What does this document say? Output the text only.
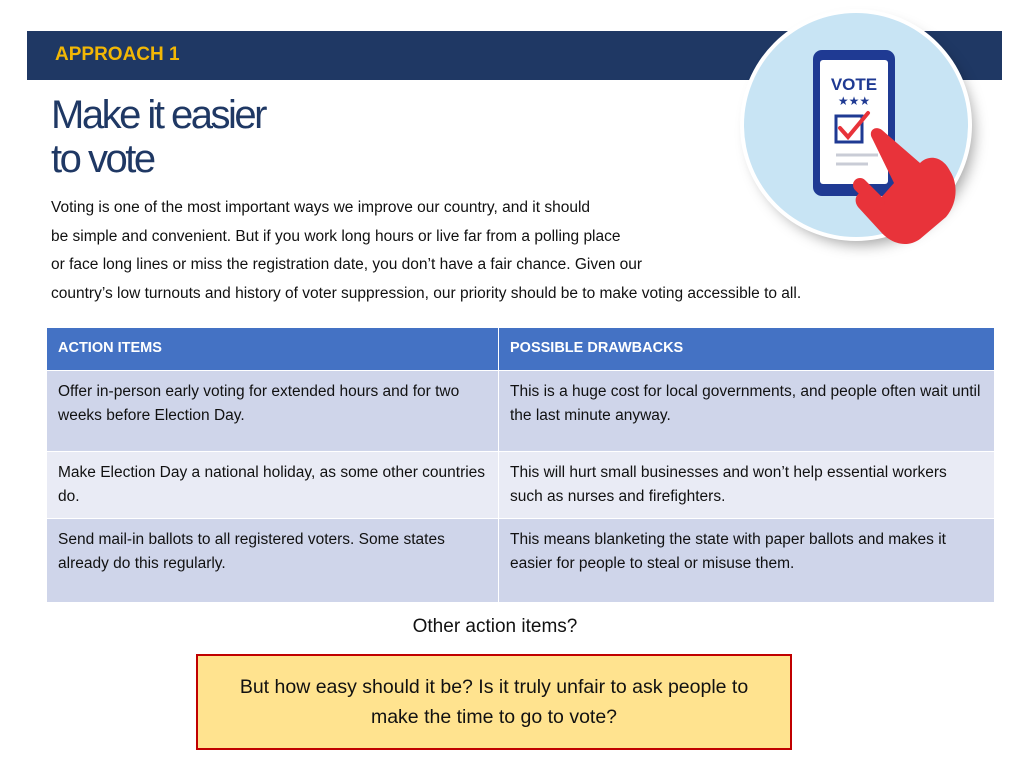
APPROACH 1
Make it easier
to vote
Voting is one of the most important ways we improve our country, and it should
be simple and convenient. But if you work long hours or live far from a polling place
or face long lines or miss the registration date, you don’t have a fair chance. Given our
country’s low turnouts and history of voter suppression, our priority should be to make voting accessible to all.
VOTE
★★★
ACTION ITEMS	POSSIBLE DRAWBACKS
Offer in-person early voting for extended hours and for two weeks before Election Day.	This is a huge cost for local governments, and people often wait until the last minute anyway.
Make Election Day a national holiday, as some other countries do.	This will hurt small businesses and won’t help essential workers such as nurses and firefighters.
Send mail-in ballots to all registered voters. Some states already do this regularly.	This means blanketing the state with paper ballots and makes it easier for people to steal or misuse them.
Other action items?
But how easy should it be? Is it truly unfair to ask people to make the time to go to vote?
